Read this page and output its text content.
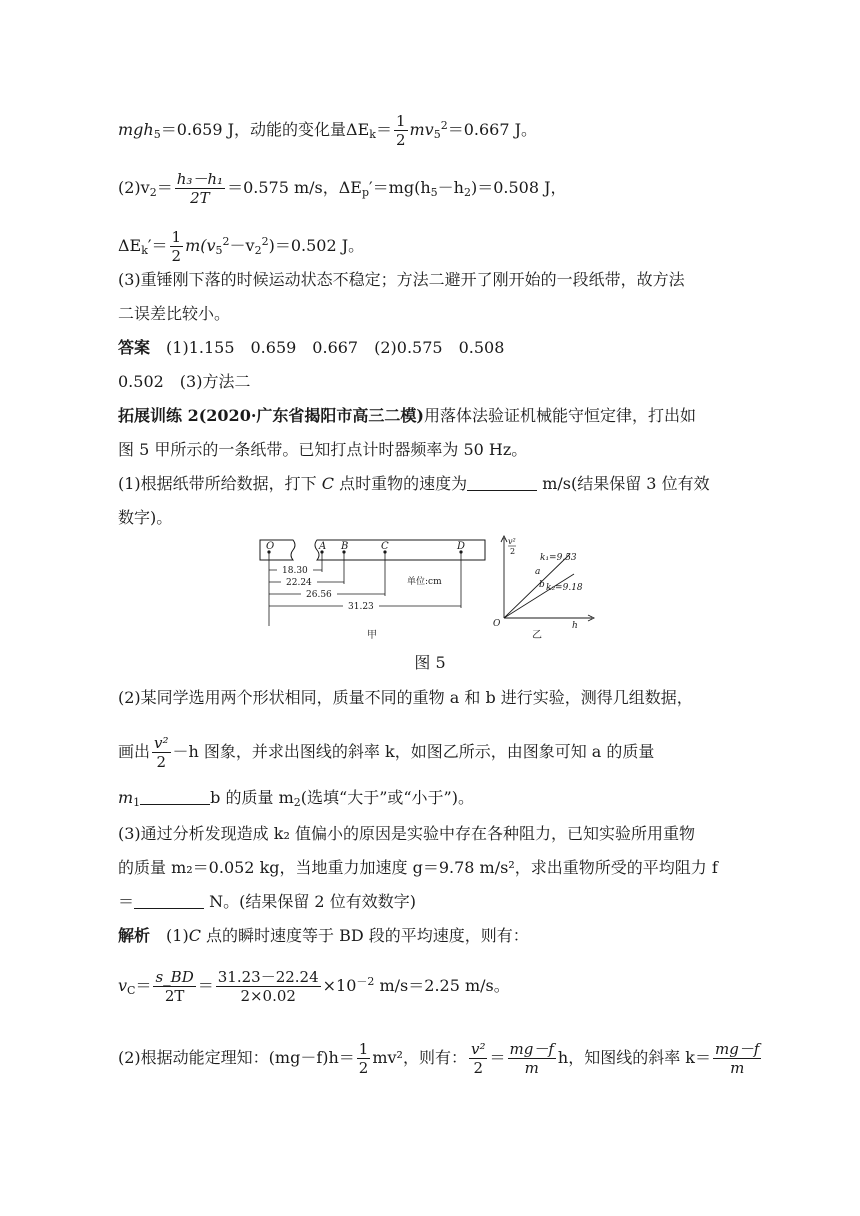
mgh$_5$＝0.659 J，动能的变化量$\Delta E_k= \frac{1}{2} mv_5^2=0.667$ J。
$(2)v_2= \frac{\text{h₃－h₁}}{2T} =0.575$ m/s，$\Delta E_p'=mg(h_5-h_2)=0.508$ J，
$\Delta E_k'= \frac{1}{2} m(v_5^2-v_2^2)=0.502$ J。
(3)重锤刚下落的时候运动状态不稳定；方法二避开了刚开始的一段纸带，故方法
二误差比较小。
答案　 (1)1.155　0.659　0.667　(2)0.575　0.508
0.502　(3)方法二
拓展训练 2(2020·广东省揭阳市高三二模)用落体法验证机械能守恒定律，打出如
图 5 甲所示的一条纸带。已知打点计时器频率为 50 Hz。
(1)根据纸带所给数据，打下 C 点时重物的速度为	m/s(结果保留 3 位有效
数字)。
O	A B	C	D
18.30
22.24
26.56
31.23
单位:cm
甲
v²
2
h
O
a
b
k₁=9.53
k₂=9.18
乙
图 5
(2)某同学选用两个形状相同，质量不同的重物 a 和 b 进行实验，测得几组数据，
画出 $\frac{\text{v²}}{2} -h$ 图象，并求出图线的斜率 k，如图乙所示，由图象可知 a 的质量
$m_1$	b 的质量 $m_2$(选填“大于”或“小于”)。
(3)通过分析发现造成 k₂ 值偏小的原因是实验中存在各种阻力，已知实验所用重物
的质量 m₂＝0.052 kg，当地重力加速度 g＝9.78 m/s²，求出重物所受的平均阻力 f
＝	N。(结果保留 2 位有效数字)
解析　 (1)C 点的瞬时速度等于 BD 段的平均速度，则有：
$v_C= \frac{s\_BD}{2T} = \frac{31.23-22.24}{2\times 0.02} \times 10^{-2}$ m/s＝2.25 m/s。
(2)根据动能定理知：$(mg-f)h= \frac{1}{2} mv^2$，则有： $\frac{\text{v²}}{2} = \frac{mg-f}{m}$ h，知图线的斜率 $k= \frac{mg-f}{m}$
